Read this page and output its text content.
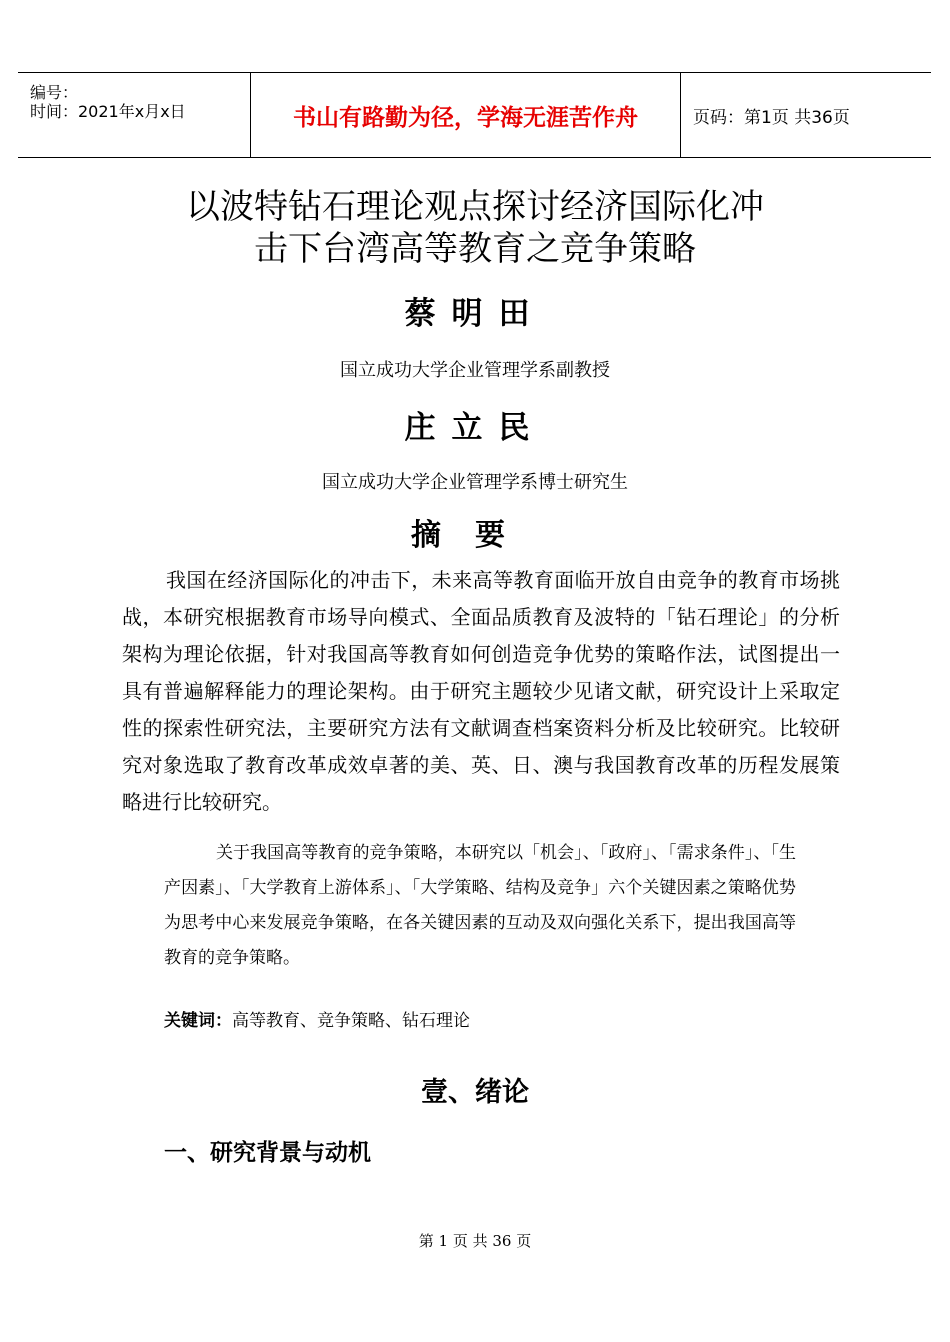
编号：
时间：2021年x月x日	书山有路勤为径，学海无涯苦作舟	页码：第1页 共36页
以波特钻石理论观点探讨经济国际化冲
击下台湾高等教育之竞争策略
蔡明田
国立成功大学企业管理学系副教授
庄立民
国立成功大学企业管理学系博士研究生
摘要
我国在经济国际化的冲击下，未来高等教育面临开放自由竞争的教育市场挑战，本研究根据教育市场导向模式、全面品质教育及波特的「钻石理论」的分析架构为理论依据，针对我国高等教育如何创造竞争优势的策略作法，试图提出一具有普遍解释能力的理论架构。由于研究主题较少见诸文献，研究设计上采取定性的探索性研究法，主要研究方法有文献调查档案资料分析及比较研究。比较研究对象选取了教育改革成效卓著的美、英、日、澳与我国教育改革的历程发展策略进行比较研究。
关于我国高等教育的竞争策略，本研究以「机会」、「政府」、「需求条件」、「生产因素」、「大学教育上游体系」、「大学策略、结构及竞争」六个关键因素之策略优势为思考中心来发展竞争策略，在各关键因素的互动及双向强化关系下，提出我国高等教育的竞争策略。
关键词：高等教育、竞争策略、钻石理论
壹、绪论
一、研究背景与动机
第 1 页 共 36 页
